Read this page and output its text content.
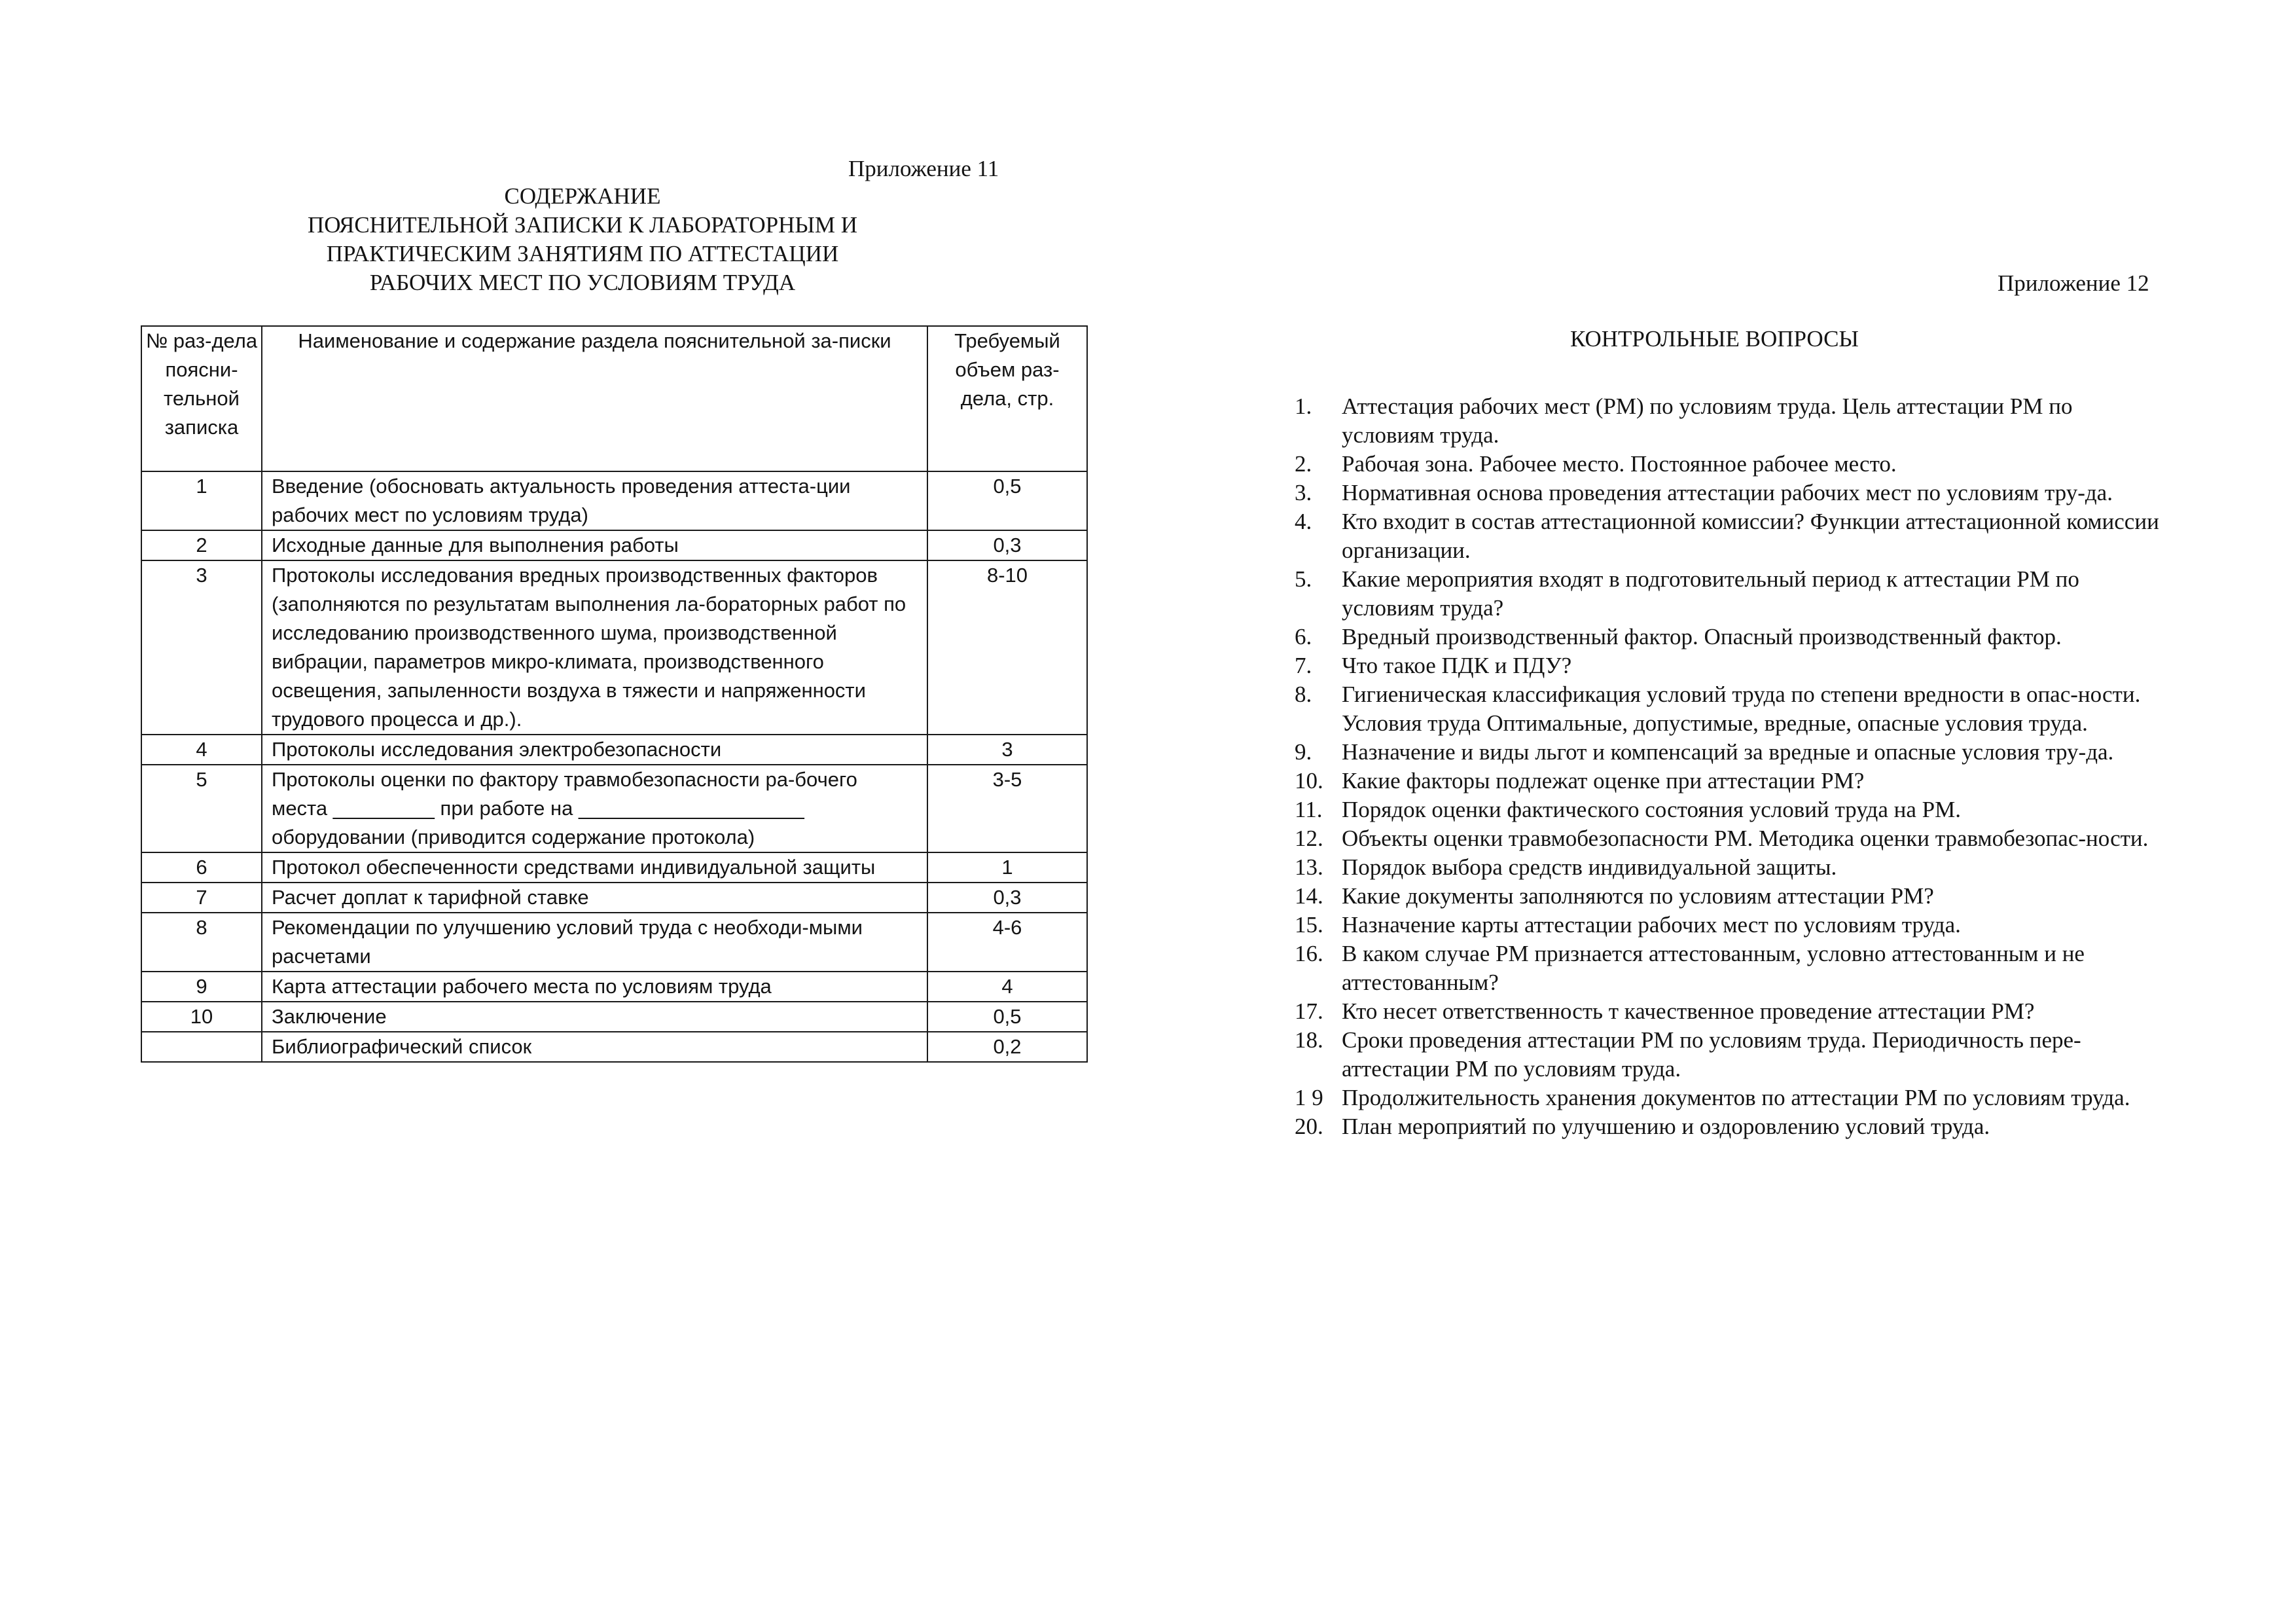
Приложение 11
СОДЕРЖАНИЕ
ПОЯСНИТЕЛЬНОЙ ЗАПИСКИ К ЛАБОРАТОРНЫМ И
ПРАКТИЧЕСКИМ ЗАНЯТИЯМ ПО АТТЕСТАЦИИ
РАБОЧИХ МЕСТ ПО УСЛОВИЯМ ТРУДА
№ раз-дела поясни-тельной записка	Наименование и содержание раздела пояснительной за-писки	Требуемый объем раз-дела, стр.
1	Введение (обосновать актуальность проведения аттеста-ции рабочих мест по условиям труда)	0,5
2	Исходные данные для выполнения работы	0,3
3	Протоколы исследования вредных производственных факторов (заполняются по результатам выполнения ла-бораторных работ по исследованию производственного шума, производственной вибрации, параметров микро-климата, производственного освещения, запыленности воздуха в тяжести и напряженности трудового процесса и др.).	8-10
4	Протоколы исследования электробезопасности	3
5	Протоколы оценки по фактору травмобезопасности ра-бочего места _________ при работе на ____________________ оборудовании (приводится содержание протокола)	3-5
6	Протокол обеспеченности средствами индивидуальной защиты	1
7	Расчет доплат к тарифной ставке	0,3
8	Рекомендации по улучшению условий труда с необходи-мыми расчетами	4-6
9	Карта аттестации рабочего места по условиям труда	4
10	Заключение	0,5
	Библиографический список	0,2
Приложение 12
КОНТРОЛЬНЫЕ ВОПРОСЫ
1.	Аттестация рабочих мест (РМ) по условиям труда. Цель аттестации РМ по условиям труда.
2.	Рабочая зона. Рабочее место. Постоянное рабочее место.
3.	Нормативная основа проведения аттестации рабочих мест по условиям тру-да.
4.	Кто входит в состав аттестационной комиссии? Функции аттестационной комиссии организации.
5.	Какие мероприятия входят в подготовительный период к аттестации РМ по условиям труда?
6.	Вредный производственный фактор. Опасный производственный фактор.
7.	Что такое ПДК и ПДУ?
8.	Гигиеническая классификация условий труда по степени вредности в опас-ности. Условия труда Оптимальные, допустимые, вредные, опасные условия труда.
9.	Назначение и виды льгот и компенсаций за вредные и опасные условия тру-да.
10. Какие факторы подлежат оценке при аттестации РМ?
11. Порядок оценки фактического состояния условий труда на РМ.
12. Объекты оценки травмобезопасности РМ. Методика оценки травмобезопас-ности.
13. Порядок выбора средств индивидуальной защиты.
14. Какие документы заполняются по условиям аттестации РМ?
15. Назначение карты аттестации рабочих мест по условиям труда.
16. В каком случае РМ признается аттестованным, условно аттестованным и не аттестованным?
17. Кто несет ответственность т качественное проведение аттестации РМ?
18. Сроки проведения аттестации РМ по условиям труда. Периодичность пере-аттестации РМ по условиям труда.
1 9 Продолжительность хранения документов по аттестации РМ по условиям труда.
20. План мероприятий по улучшению и оздоровлению условий труда.
